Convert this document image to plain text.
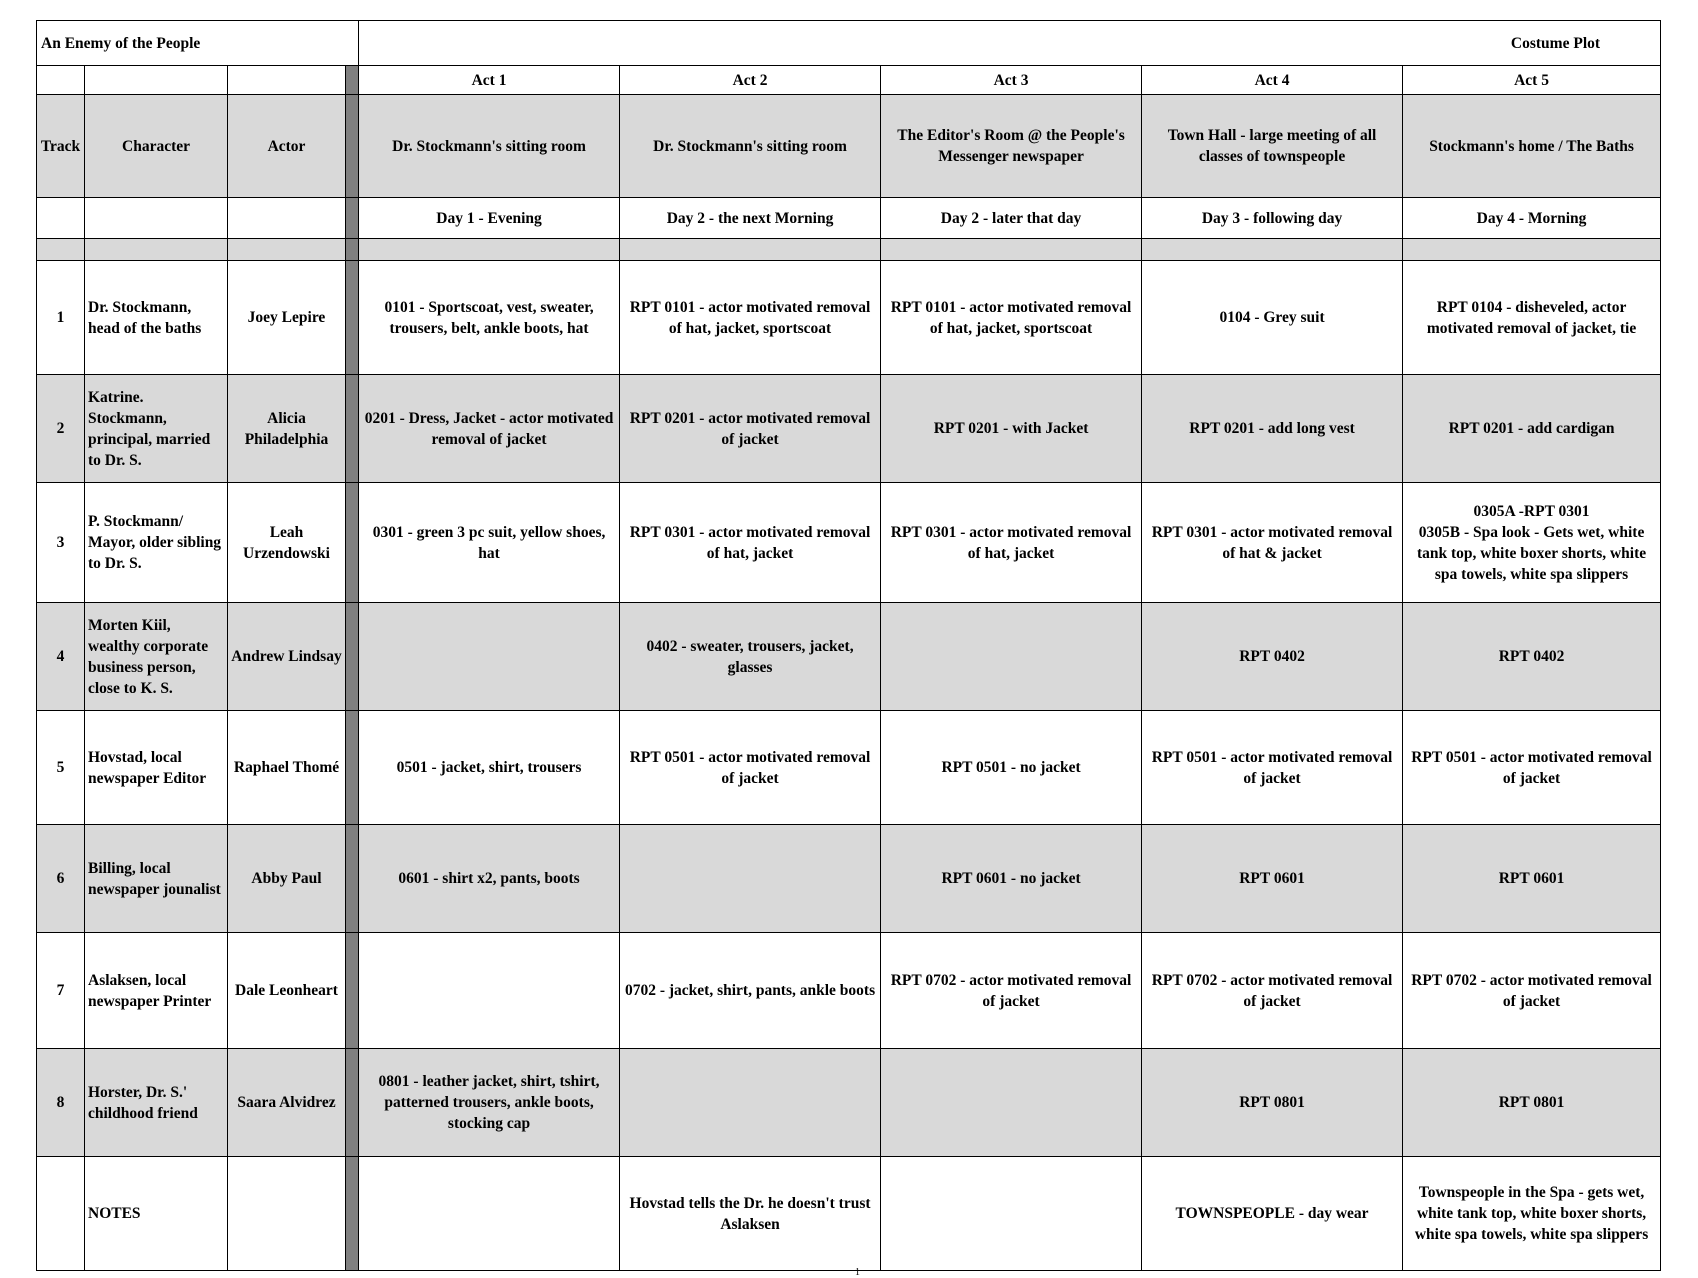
An Enemy of the People				Costume Plot				
				Act 1	Act 2	Act 3	Act 4	Act 5
Track	Character	Actor		Dr. Stockmann's sitting room	Dr. Stockmann's sitting room	The Editor's Room @ the People's Messenger newspaper	Town Hall - large meeting of all classes of townspeople	Stockmann's home / The Baths
				Day 1 - Evening	Day 2 - the next Morning	Day 2 - later that day	Day 3 - following day	Day 4 - Morning

1	Dr. Stockmann, head of the baths	Joey Lepire		0101 - Sportscoat, vest, sweater, trousers, belt, ankle boots, hat	RPT 0101 - actor motivated removal of hat, jacket, sportscoat	RPT 0101 - actor motivated removal of hat, jacket, sportscoat	0104 - Grey suit	RPT 0104 - disheveled, actor motivated removal of jacket, tie
2	Katrine. Stockmann, principal, married to Dr. S.	Alicia Philadelphia		0201 - Dress, Jacket - actor motivated removal of jacket	RPT 0201 - actor motivated removal of jacket	RPT 0201 - with Jacket	RPT 0201 - add long vest	RPT 0201 - add cardigan
3	P. Stockmann/ Mayor, older sibling to Dr. S.	Leah Urzendowski		0301 - green 3 pc suit, yellow shoes, hat	RPT 0301 - actor motivated removal of hat, jacket	RPT 0301 - actor motivated removal of hat, jacket	RPT 0301 - actor motivated removal of hat & jacket	0305A -RPT 0301
0305B - Spa look - Gets wet, white tank top, white boxer shorts, white spa towels, white spa slippers
4	Morten Kiil, wealthy corporate business person, close to K. S.	Andrew Lindsay			0402 - sweater, trousers, jacket, glasses		RPT 0402	RPT 0402
5	Hovstad, local newspaper Editor	Raphael Thomé		0501 - jacket, shirt, trousers	RPT 0501 - actor motivated removal of jacket	RPT 0501 - no jacket	RPT 0501 - actor motivated removal of jacket	RPT 0501 - actor motivated removal of jacket
6	Billing, local newspaper jounalist	Abby Paul		0601 - shirt x2, pants, boots		RPT 0601 - no jacket	RPT 0601	RPT 0601
7	Aslaksen, local newspaper Printer	Dale Leonheart			0702 - jacket, shirt, pants, ankle boots	RPT 0702 - actor motivated removal of jacket	RPT 0702 - actor motivated removal of jacket	RPT 0702 - actor motivated removal of jacket
8	Horster, Dr. S.' childhood friend	Saara Alvidrez		0801 - leather jacket, shirt, tshirt, patterned trousers, ankle boots, stocking cap			RPT 0801	RPT 0801
	NOTES				Hovstad tells the Dr. he doesn't trust Aslaksen		TOWNSPEOPLE - day wear	Townspeople in the Spa - gets wet, white tank top, white boxer shorts, white spa towels, white spa slippers
1
